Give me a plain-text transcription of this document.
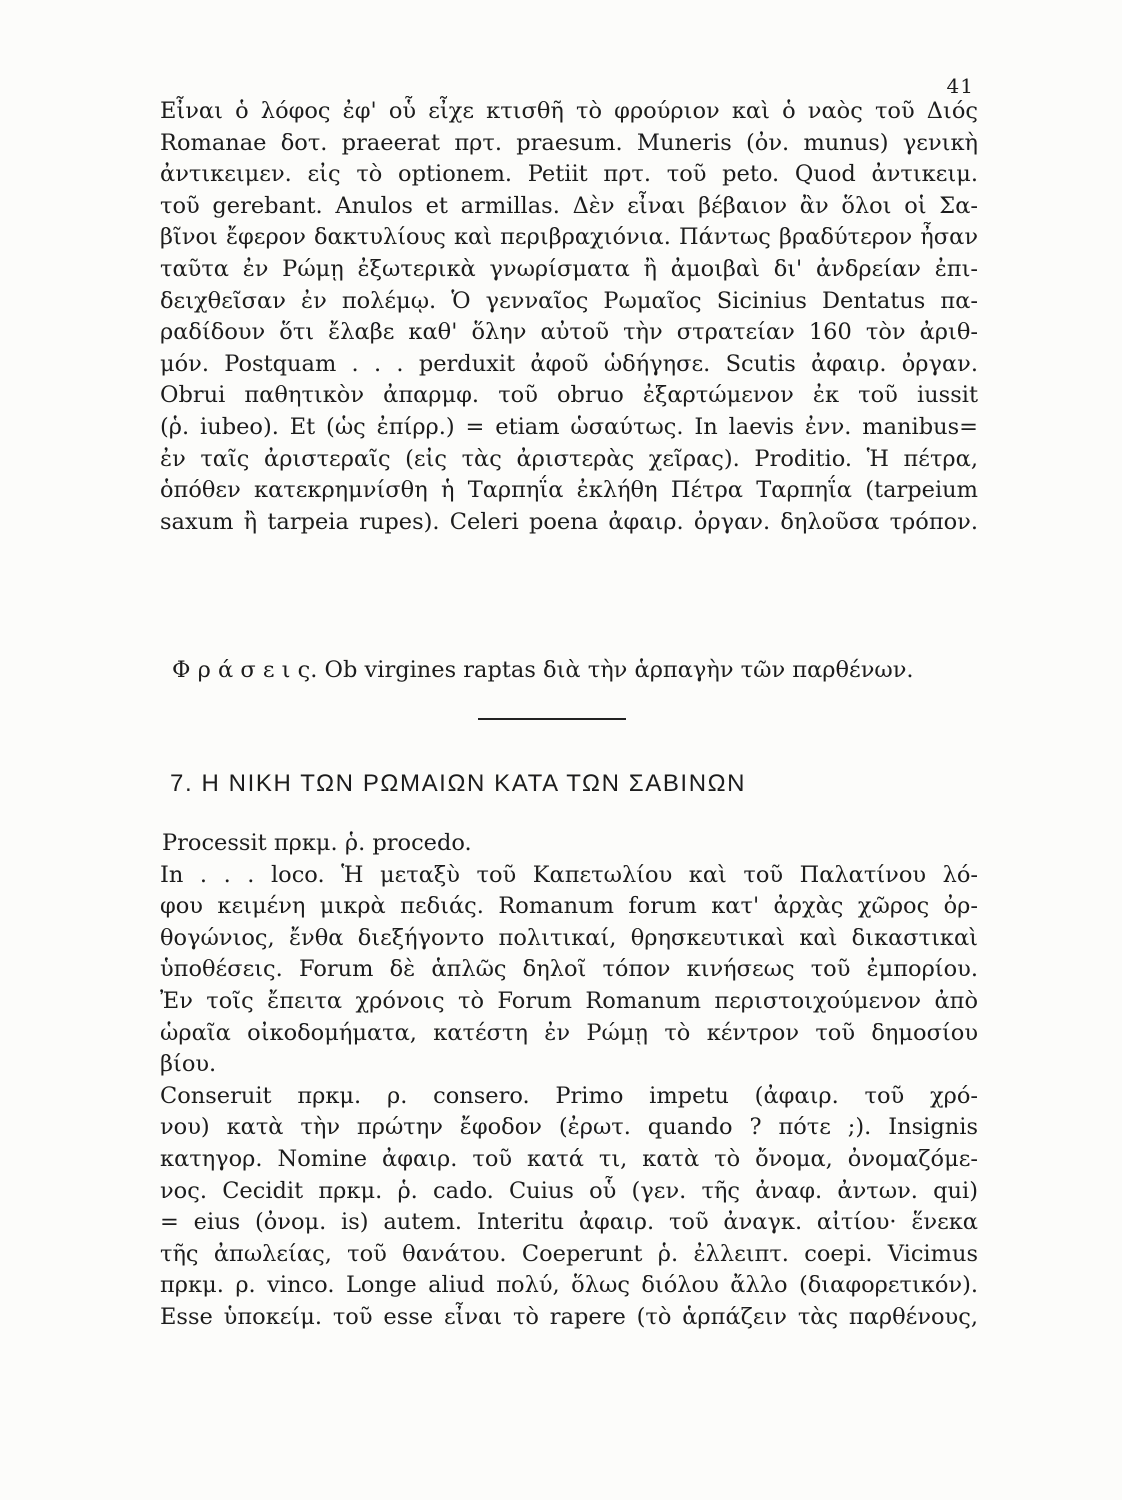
41
Εἶναι ὁ λόφος ἐφ' οὗ εἶχε κτισθῆ τὸ φρούριον καὶ ὁ ναὸς τοῦ Διός
Romanae δοτ. praeerat πρτ. praesum. Muneris (ὀν. munus) γενικὴ
ἀντικειμεν. εἰς τὸ optionem. Petiit πρτ. τοῦ peto. Quod ἀντικειμ.
τοῦ gerebant. Anulos et armillas. Δὲν εἶναι βέβαιον ἂν ὅλοι οἱ Σα-
βῖνοι ἔφερον δακτυλίους καὶ περιβραχιόνια. Πάντως βραδύτερον ἦσαν
ταῦτα ἐν Ρώμῃ ἐξωτερικὰ γνωρίσματα ἢ ἀμοιβαὶ δι' ἀνδρείαν ἐπι-
δειχθεῖσαν ἐν πολέμῳ. Ὁ γενναῖος Ρωμαῖος Sicinius Dentatus πα-
ραδίδουν ὅτι ἔλαβε καθ' ὅλην αὐτοῦ τὴν στρατείαν 160 τὸν ἀριθ-
μόν. Postquam . . . perduxit ἀφοῦ ὡδήγησε. Scutis ἀφαιρ. ὀργαν.
Obrui παθητικὸν ἀπαρμφ. τοῦ obruo ἐξαρτώμενον ἐκ τοῦ iussit
(ῥ. iubeo). Et (ὡς ἐπίρρ.) = etiam ὡσαύτως. In laevis ἐνν. manibus=
ἐν ταῖς ἀριστεραῖς (εἰς τὰς ἀριστερὰς χεῖρας). Proditio. Ἡ πέτρα,
ὁπόθεν κατεκρημνίσθη ἡ Ταρπηΐα ἐκλήθη Πέτρα Ταρπηΐα (tarpeium
saxum ἢ tarpeia rupes). Celeri poena ἀφαιρ. ὀργαν. δηλοῦσα τρόπον.
Φ ρ ά σ ε ι ς. Ob virgines raptas διὰ τὴν ἁρπαγὴν τῶν παρθένων.
7. Η ΝΙΚΗ ΤΩΝ ΡΩΜΑΙΩΝ ΚΑΤΑ ΤΩΝ ΣΑΒΙΝΩΝ
Processit πρκμ. ῥ. procedo.
In . . . loco. Ἡ μεταξὺ τοῦ Καπετωλίου καὶ τοῦ Παλατίνου λό-
φου κειμένη μικρὰ πεδιάς. Romanum forum κατ' ἀρχὰς χῶρος ὀρ-
θογώνιος, ἔνθα διεξήγοντο πολιτικαί, θρησκευτικαὶ καὶ δικαστικαὶ
ὑποθέσεις. Forum δὲ ἁπλῶς δηλοῖ τόπον κινήσεως τοῦ ἐμπορίου.
Ἐν τοῖς ἔπειτα χρόνοις τὸ Forum Romanum περιστοιχούμενον ἀπὸ
ὡραῖα οἰκοδομήματα, κατέστη ἐν Ρώμῃ τὸ κέντρον τοῦ δημοσίου
βίου.
Conseruit πρκμ. ρ. consero. Primo impetu (ἀφαιρ. τοῦ χρό-
νου) κατὰ τὴν πρώτην ἔφοδον (ἐρωτ. quando ? πότε ;). Insignis
κατηγορ. Nomine ἀφαιρ. τοῦ κατά τι, κατὰ τὸ ὄνομα, ὀνομαζόμε-
νος. Cecidit πρκμ. ῥ. cado. Cuius οὗ (γεν. τῆς ἀναφ. ἀντων. qui)
= eius (ὀνομ. is) autem. Interitu ἀφαιρ. τοῦ ἀναγκ. αἰτίου· ἕνεκα
τῆς ἀπωλείας, τοῦ θανάτου. Coeperunt ῥ. ἐλλειπτ. coepi. Vicimus
πρκμ. ρ. vinco. Longe aliud πολύ, ὅλως διόλου ἄλλο (διαφορετικόν).
Esse ὑποκείμ. τοῦ esse εἶναι τὸ rapere (τὸ ἁρπάζειν τὰς παρθένους,
